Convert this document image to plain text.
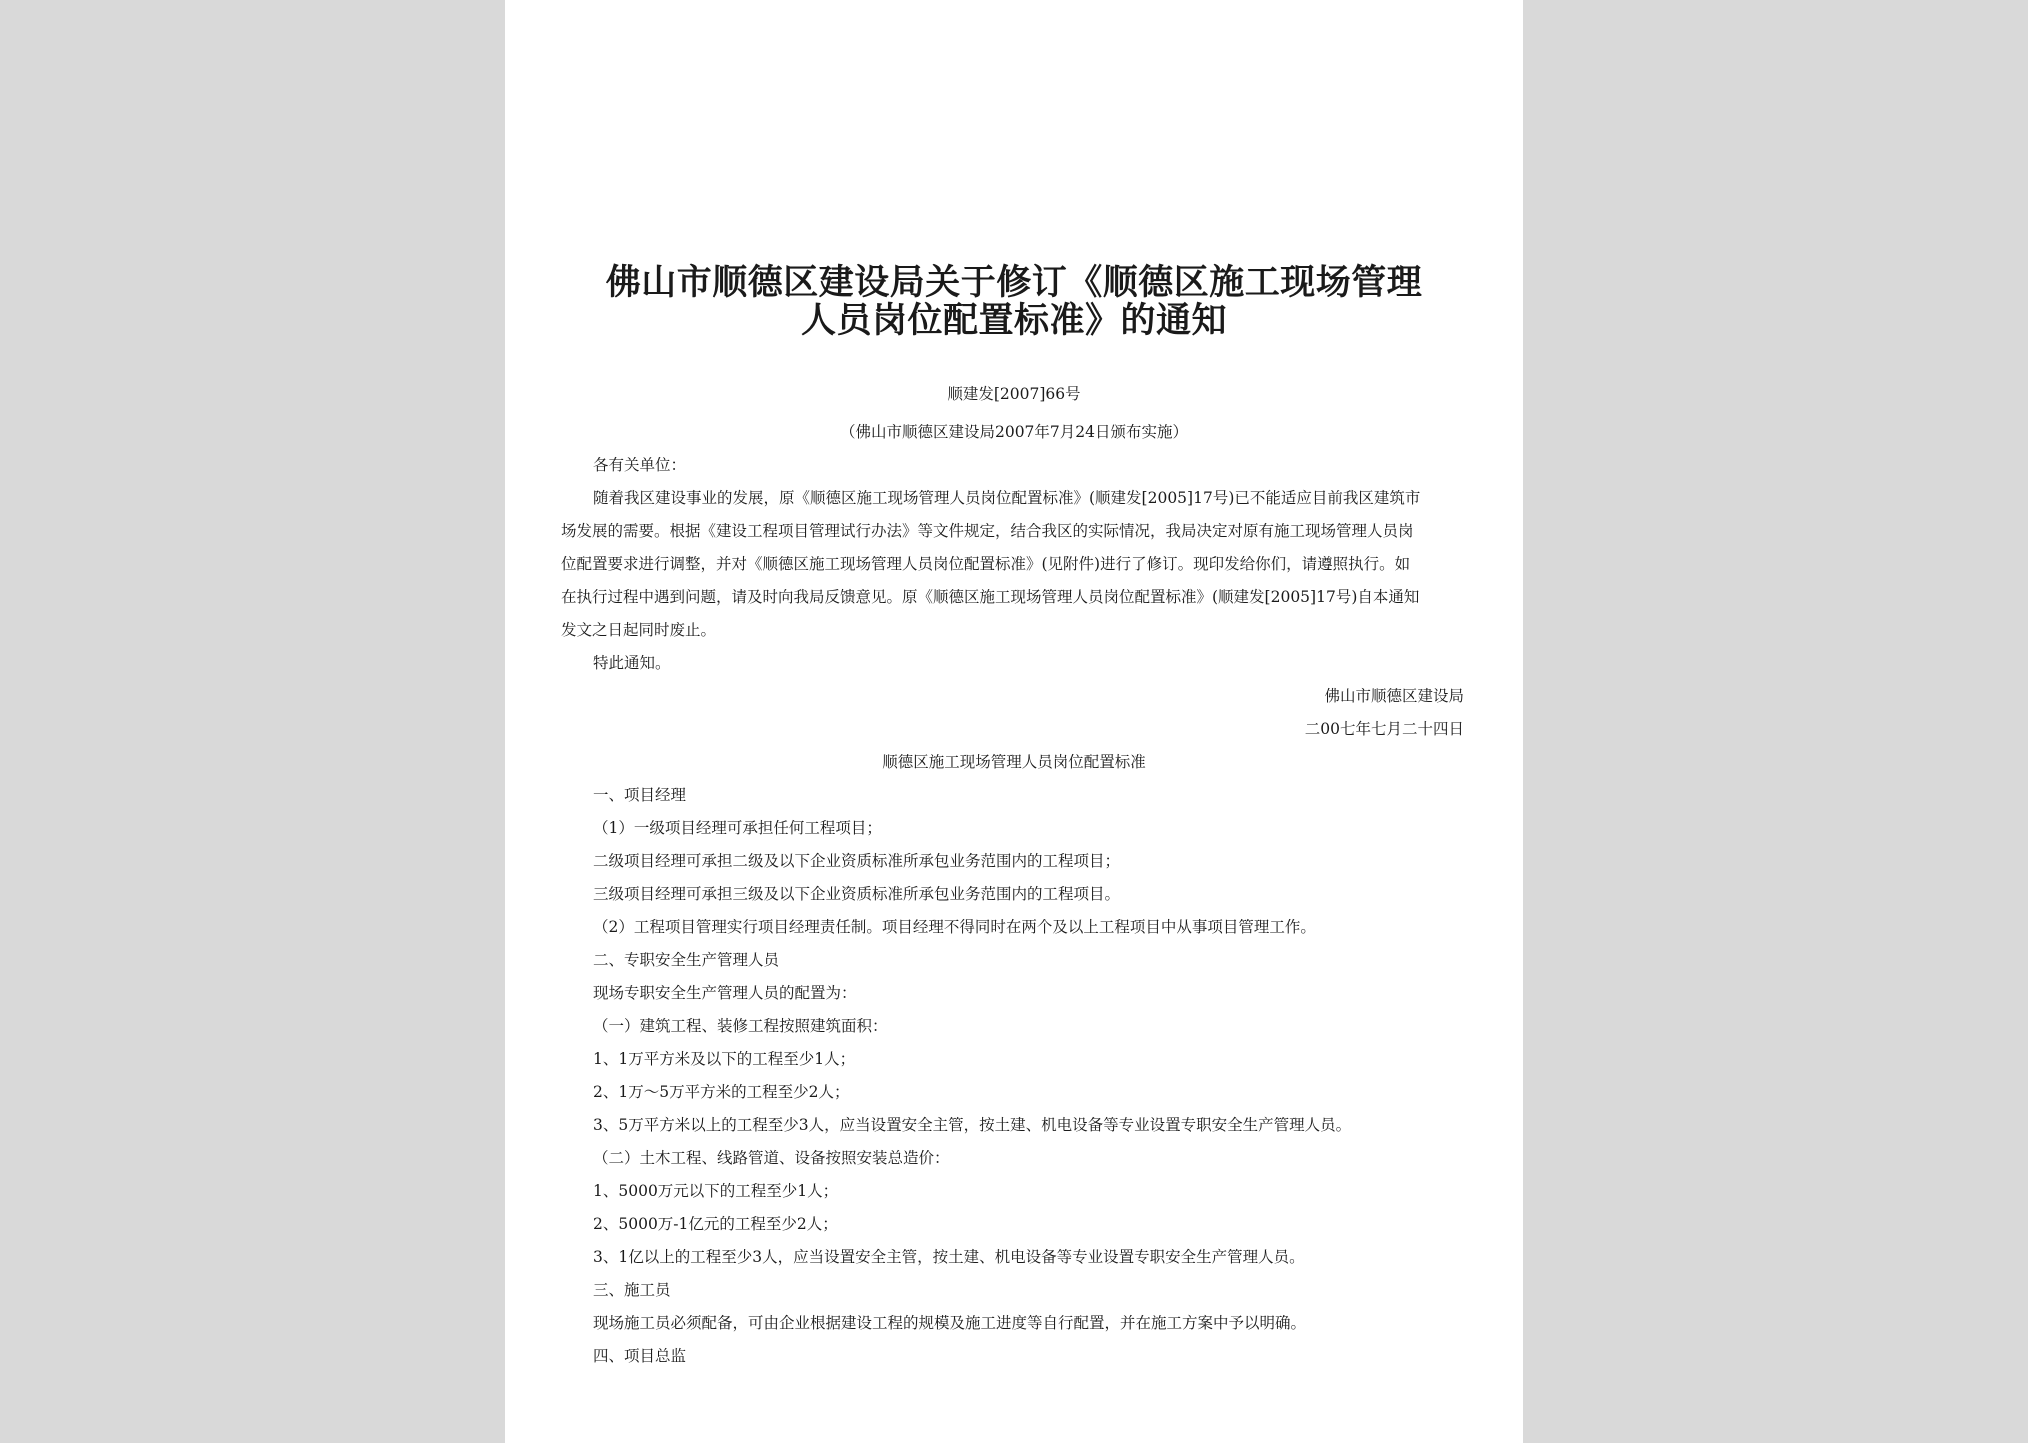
佛山市顺德区建设局关于修订《顺德区施工现场管理
人员岗位配置标准》的通知
顺建发[2007]66号
（佛山市顺德区建设局2007年7月24日颁布实施）
各有关单位：
随着我区建设事业的发展，原《顺德区施工现场管理人员岗位配置标准》(顺建发[2005]17号)已不能适应目前我区建筑市
场发展的需要。根据《建设工程项目管理试行办法》等文件规定，结合我区的实际情况，我局决定对原有施工现场管理人员岗
位配置要求进行调整，并对《顺德区施工现场管理人员岗位配置标准》(见附件)进行了修订。现印发给你们，请遵照执行。如
在执行过程中遇到问题，请及时向我局反馈意见。原《顺德区施工现场管理人员岗位配置标准》(顺建发[2005]17号)自本通知
发文之日起同时废止。
特此通知。
佛山市顺德区建设局
二00七年七月二十四日
顺德区施工现场管理人员岗位配置标准
一、项目经理
（1）一级项目经理可承担任何工程项目；
二级项目经理可承担二级及以下企业资质标准所承包业务范围内的工程项目；
三级项目经理可承担三级及以下企业资质标准所承包业务范围内的工程项目。
（2）工程项目管理实行项目经理责任制。项目经理不得同时在两个及以上工程项目中从事项目管理工作。
二、专职安全生产管理人员
现场专职安全生产管理人员的配置为：
（一）建筑工程、装修工程按照建筑面积：
1、1万平方米及以下的工程至少1人；
2、1万～5万平方米的工程至少2人；
3、5万平方米以上的工程至少3人，应当设置安全主管，按土建、机电设备等专业设置专职安全生产管理人员。
（二）土木工程、线路管道、设备按照安装总造价：
1、5000万元以下的工程至少1人；
2、5000万-1亿元的工程至少2人；
3、1亿以上的工程至少3人，应当设置安全主管，按土建、机电设备等专业设置专职安全生产管理人员。
三、施工员
现场施工员必须配备，可由企业根据建设工程的规模及施工进度等自行配置，并在施工方案中予以明确。
四、项目总监
